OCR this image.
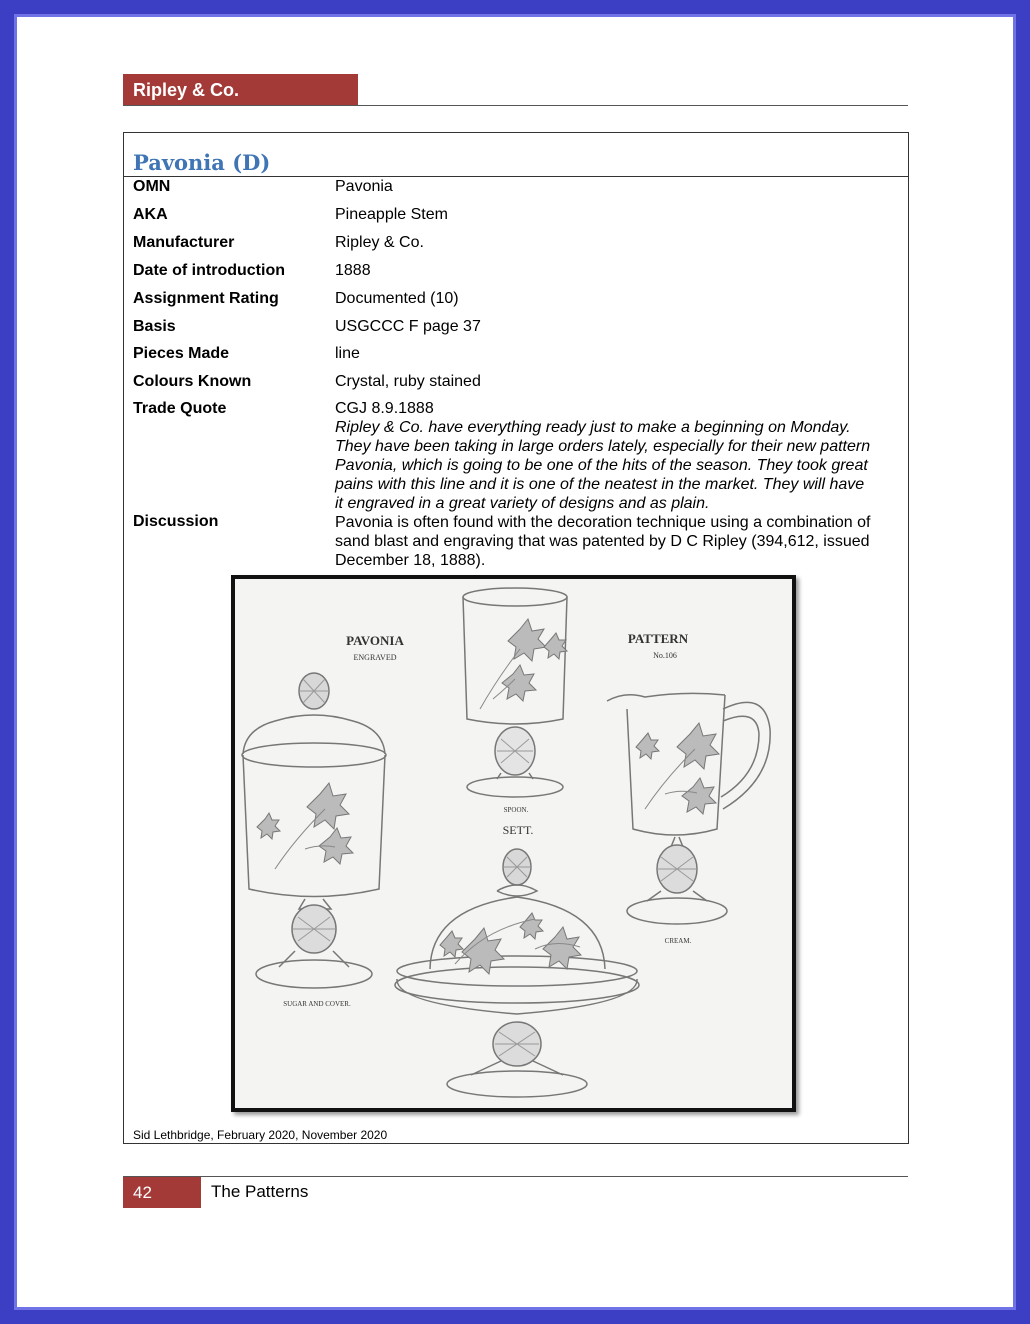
Ripley & Co.
Pavonia (D)
OMN	Pavonia
AKA	Pineapple Stem
Manufacturer	Ripley & Co.
Date of introduction	1888
Assignment Rating	Documented (10)
Basis	USGCCC F page 37
Pieces Made	line
Colours Known	Crystal, ruby stained
Trade Quote	CGJ 8.9.1888
Ripley & Co. have everything ready just to make a beginning on Monday. They have been taking in large orders lately, especially for their new pattern Pavonia, which is going to be one of the hits of the season. They took great pains with this line and it is one of the neatest in the market. They will have it engraved in a great variety of designs and as plain.
Discussion	Pavonia is often found with the decoration technique using a combination of sand blast and engraving that was patented by D C Ripley (394,612, issued December 18, 1888).
PAVONIA
ENGRAVED
PATTERN
No.106
SPOON.
SETT.
CREAM.
SUGAR AND COVER.
Sid Lethbridge, February 2020, November 2020
42	The Patterns
